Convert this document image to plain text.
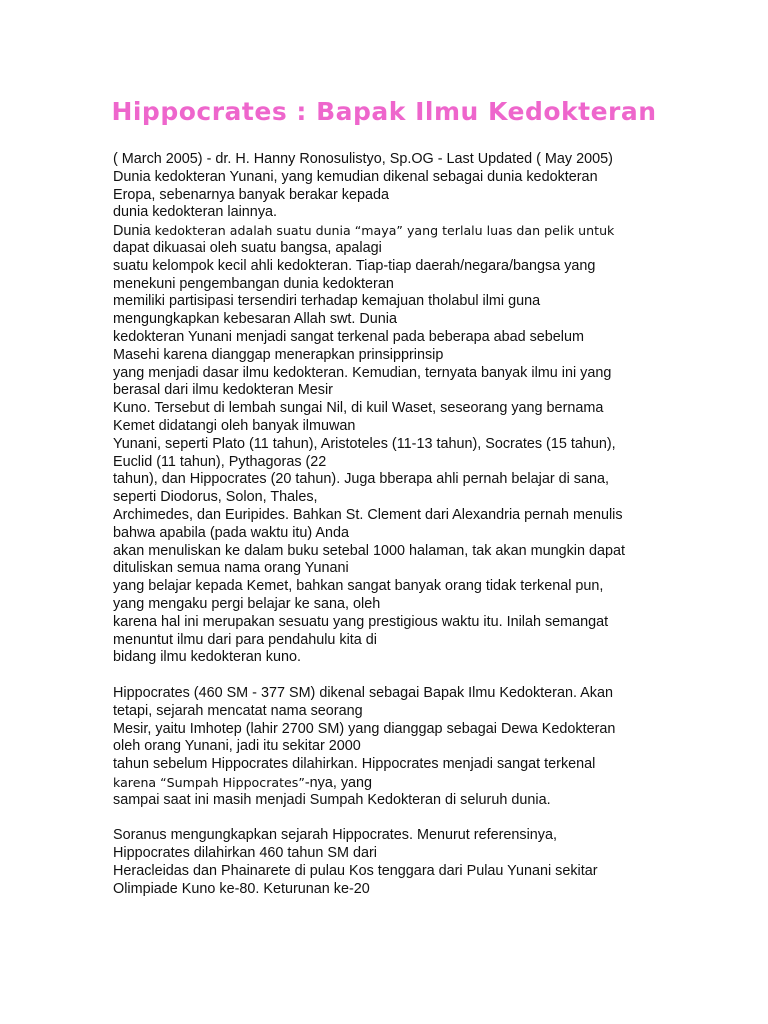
Hippocrates : Bapak Ilmu Kedokteran
( March 2005) - dr. H. Hanny Ronosulistyo, Sp.OG - Last Updated ( May 2005)
Dunia kedokteran Yunani, yang kemudian dikenal sebagai dunia kedokteran
Eropa, sebenarnya banyak berakar kepada
dunia kedokteran lainnya.
Dunia kedokteran adalah suatu dunia “maya” yang terlalu luas dan pelik untuk
dapat dikuasai oleh suatu bangsa, apalagi
suatu kelompok kecil ahli kedokteran. Tiap-tiap daerah/negara/bangsa yang
menekuni pengembangan dunia kedokteran
memiliki partisipasi tersendiri terhadap kemajuan tholabul ilmi guna
mengungkapkan kebesaran Allah swt. Dunia
kedokteran Yunani menjadi sangat terkenal pada beberapa abad sebelum
Masehi karena dianggap menerapkan prinsipprinsip
yang menjadi dasar ilmu kedokteran. Kemudian, ternyata banyak ilmu ini yang
berasal dari ilmu kedokteran Mesir
Kuno. Tersebut di lembah sungai Nil, di kuil Waset, seseorang yang bernama
Kemet didatangi oleh banyak ilmuwan
Yunani, seperti Plato (11 tahun), Aristoteles (11-13 tahun), Socrates (15 tahun),
Euclid (11 tahun), Pythagoras (22
tahun), dan Hippocrates (20 tahun). Juga bberapa ahli pernah belajar di sana,
seperti Diodorus, Solon, Thales,
Archimedes, dan Euripides. Bahkan St. Clement dari Alexandria pernah menulis
bahwa apabila (pada waktu itu) Anda
akan menuliskan ke dalam buku setebal 1000 halaman, tak akan mungkin dapat
dituliskan semua nama orang Yunani
yang belajar kepada Kemet, bahkan sangat banyak orang tidak terkenal pun,
yang mengaku pergi belajar ke sana, oleh
karena hal ini merupakan sesuatu yang prestigious waktu itu. Inilah semangat
menuntut ilmu dari para pendahulu kita di
bidang ilmu kedokteran kuno.
Hippocrates (460 SM - 377 SM) dikenal sebagai Bapak Ilmu Kedokteran. Akan
tetapi, sejarah mencatat nama seorang
Mesir, yaitu Imhotep (lahir 2700 SM) yang dianggap sebagai Dewa Kedokteran
oleh orang Yunani, jadi itu sekitar 2000
tahun sebelum Hippocrates dilahirkan. Hippocrates menjadi sangat terkenal
karena “Sumpah Hippocrates”-nya, yang
sampai saat ini masih menjadi Sumpah Kedokteran di seluruh dunia.
Soranus mengungkapkan sejarah Hippocrates. Menurut referensinya,
Hippocrates dilahirkan 460 tahun SM dari
Heracleidas dan Phainarete di pulau Kos tenggara dari Pulau Yunani sekitar
Olimpiade Kuno ke-80. Keturunan ke-20
